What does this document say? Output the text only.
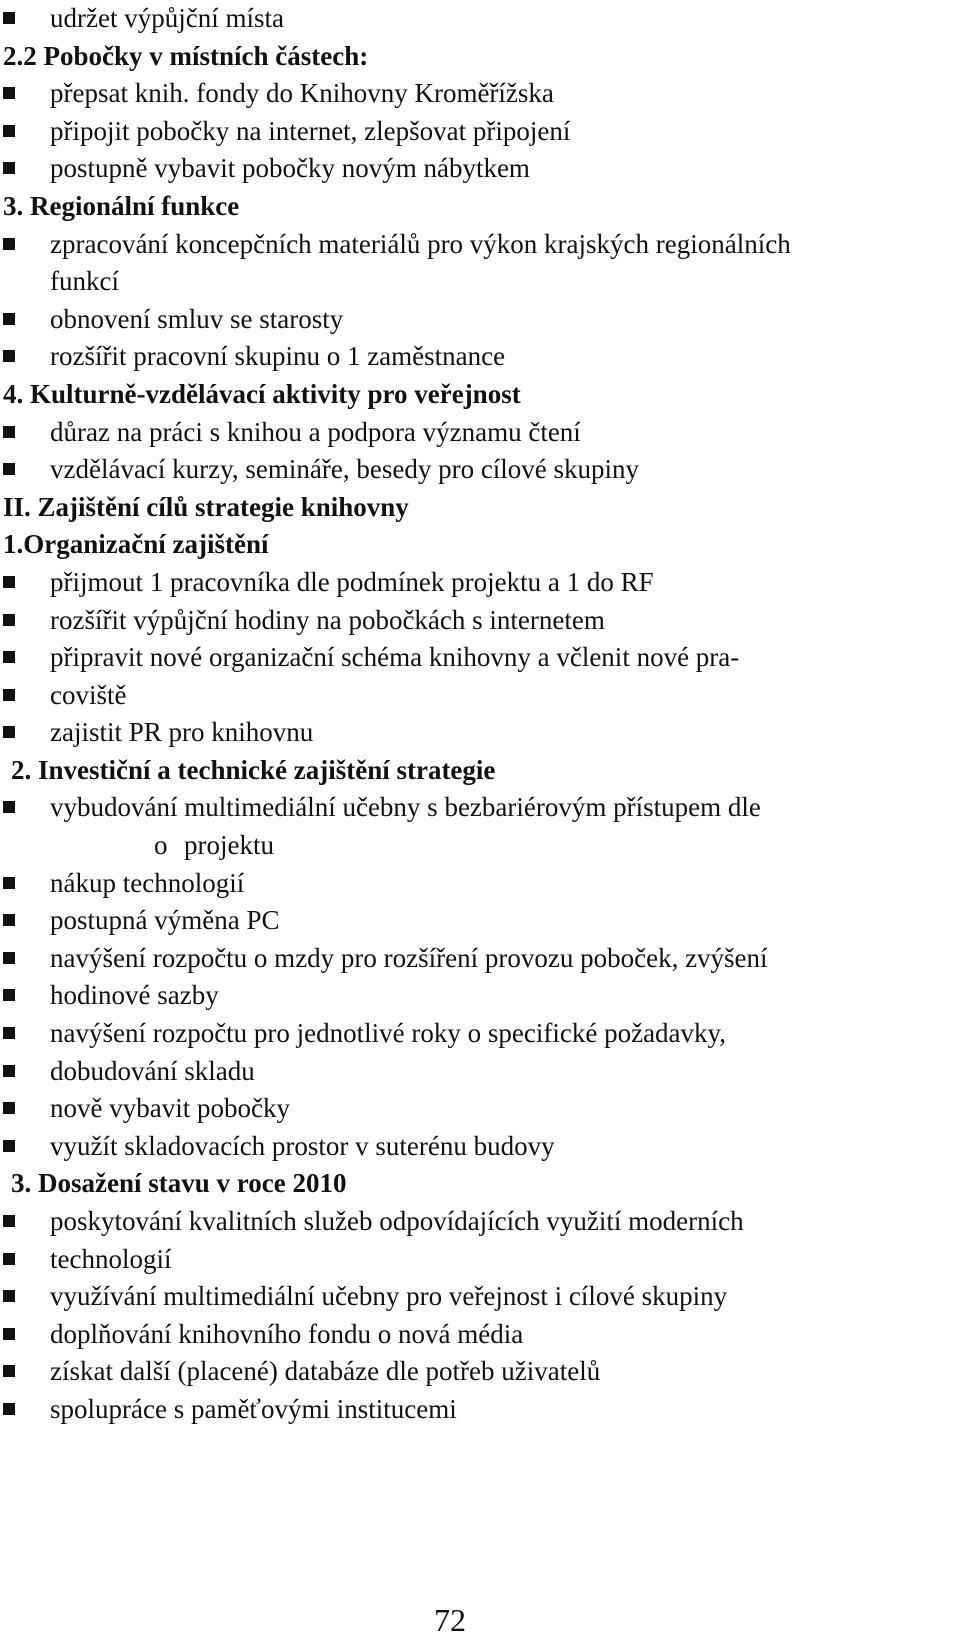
udržet výpůjční místa
2.2 Pobočky v místních částech:
přepsat knih. fondy do Knihovny Kroměřížska
připojit pobočky na internet, zlepšovat připojení
postupně vybavit pobočky novým nábytkem
3. Regionální funkce
zpracování koncepčních materiálů pro výkon krajských regionálních
funkcí
obnovení smluv se starosty
rozšířit pracovní skupinu o 1 zaměstnance
4. Kulturně-vzdělávací aktivity pro veřejnost
důraz na práci s knihou a podpora významu čtení
vzdělávací kurzy, semináře, besedy pro cílové skupiny
II. Zajištění cílů strategie knihovny
1.Organizační zajištění
přijmout 1 pracovníka dle podmínek projektu a 1 do RF
rozšířit výpůjční hodiny na pobočkách s internetem
připravit nové organizační schéma knihovny a včlenit nové pra-
coviště
zajistit PR pro knihovnu
2. Investiční a technické zajištění strategie
vybudování multimediální učebny s bezbariérovým přístupem dle
o projektu
nákup technologií
postupná výměna PC
navýšení rozpočtu o mzdy pro rozšíření provozu poboček, zvýšení
hodinové sazby
navýšení rozpočtu pro jednotlivé roky o specifické požadavky,
dobudování skladu
nově vybavit pobočky
využít skladovacích prostor v suterénu budovy
3. Dosažení stavu v roce 2010
poskytování kvalitních služeb odpovídajících využití moderních
technologií
využívání multimediální učebny pro veřejnost i cílové skupiny
doplňování knihovního fondu o nová média
získat další (placené) databáze dle potřeb uživatelů
spolupráce s paměťovými institucemi
72
